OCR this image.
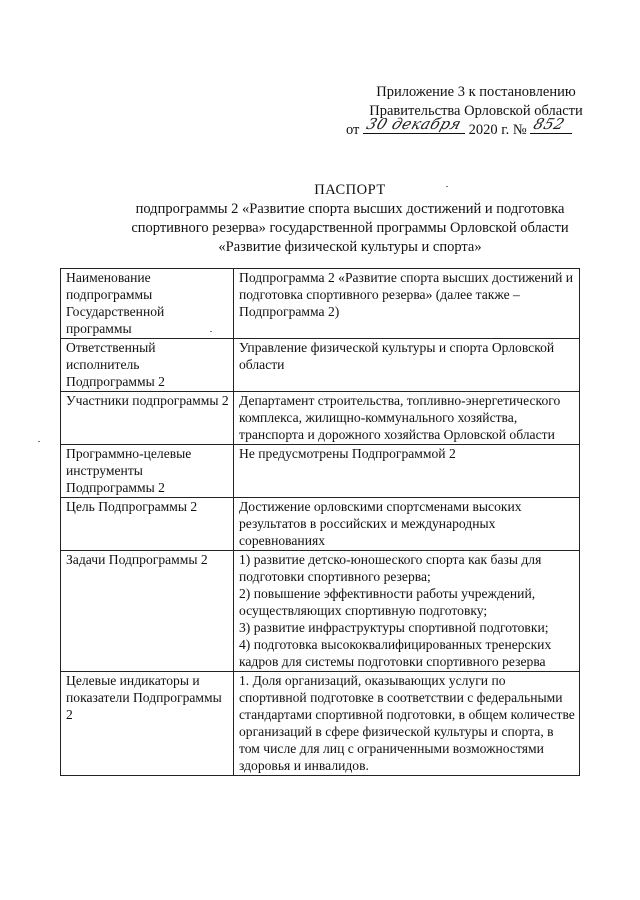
Приложение 3 к постановлению
Правительства Орловской области
от 30 декабря 2020 г. № 852
ПАСПОРТ
подпрограммы 2 «Развитие спорта высших достижений и подготовка
спортивного резерва» государственной программы Орловской области
«Развитие физической культуры и спорта»
Наименование подпрограммы Государственной программы	Подпрограмма 2 «Развитие спорта высших достижений и подготовка спортивного резерва» (далее также – Подпрограмма 2)
Ответственный исполнитель Подпрограммы 2	Управление физической культуры и спорта Орловской области
Участники подпрограммы 2	Департамент строительства, топливно-энергетического комплекса, жилищно-коммунального хозяйства, транспорта и дорожного хозяйства Орловской области
Программно-целевые инструменты Подпрограммы 2	Не предусмотрены Подпрограммой 2
Цель Подпрограммы 2	Достижение орловскими спортсменами высоких результатов в российских и международных соревнованиях
Задачи Подпрограммы 2	1) развитие детско-юношеского спорта как базы для подготовки спортивного резерва;
2) повышение эффективности работы учреждений, осуществляющих спортивную подготовку;
3) развитие инфраструктуры спортивной подготовки;
4) подготовка высококвалифицированных тренерских кадров для системы подготовки спортивного резерва

Целевые индикаторы и показатели Подпрограммы 2	1. Доля организаций, оказывающих услуги по спортивной подготовке в соответствии с федеральными стандартами спортивной подготовки, в общем количестве организаций в сфере физической культуры и спорта, в том числе для лиц с ограниченными возможностями здоровья и инвалидов.
